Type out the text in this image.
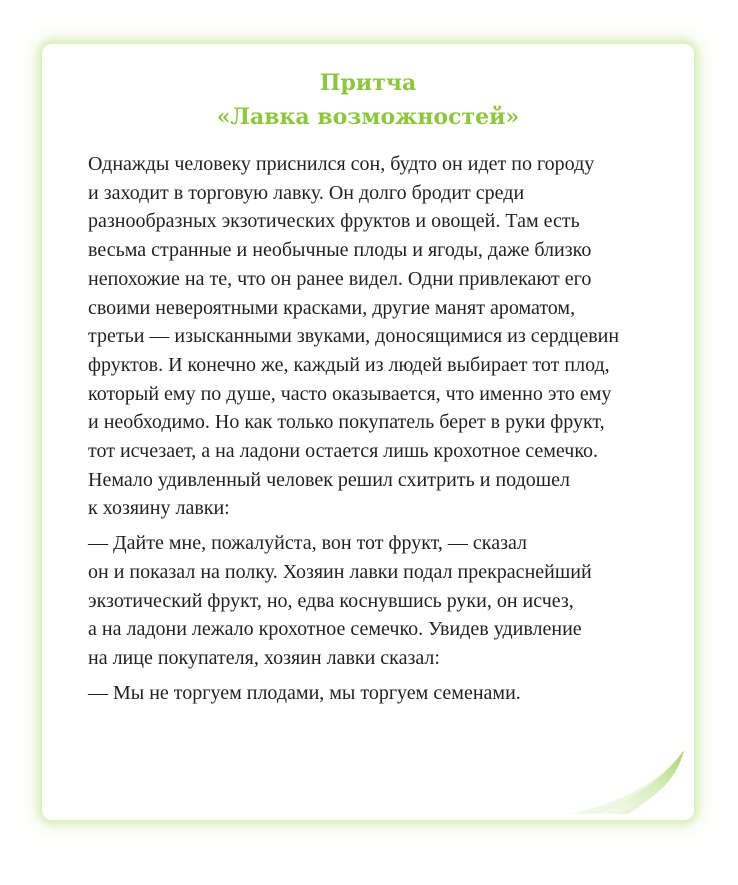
Притча
«Лавка возможностей»
Однажды человеку приснился сон, будто он идет по городу
и заходит в торговую лавку. Он долго бродит среди
разнообразных экзотических фруктов и овощей. Там есть
весьма странные и необычные плоды и ягоды, даже близко
непохожие на те, что он ранее видел. Одни привлекают его
своими невероятными красками, другие манят ароматом,
третьи — изысканными звуками, доносящимися из сердцевин
фруктов. И конечно же, каждый из людей выбирает тот плод,
который ему по душе, часто оказывается, что именно это ему
и необходимо. Но как только покупатель берет в руки фрукт,
тот исчезает, а на ладони остается лишь крохотное семечко.
Немало удивленный человек решил схитрить и подошел
к хозяину лавки:
— Дайте мне, пожалуйста, вон тот фрукт, — сказал
он и показал на полку. Хозяин лавки подал прекраснейший
экзотический фрукт, но, едва коснувшись руки, он исчез,
а на ладони лежало крохотное семечко. Увидев удивление
на лице покупателя, хозяин лавки сказал:
— Мы не торгуем плодами, мы торгуем семенами.
